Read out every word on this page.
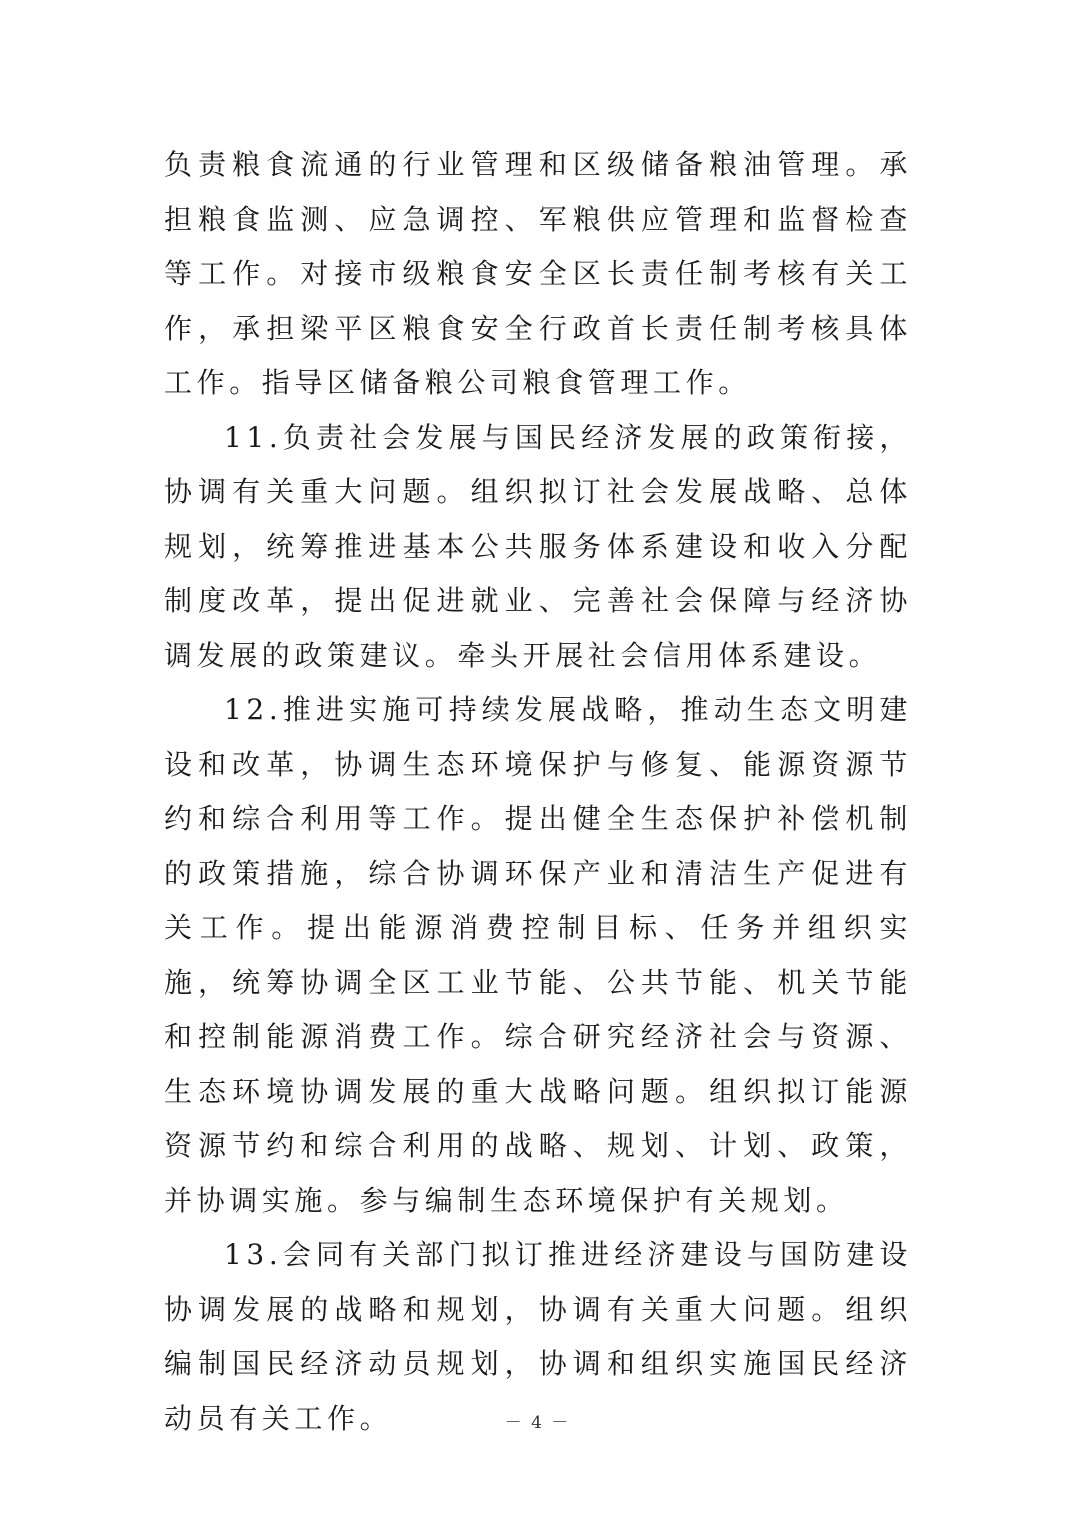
负责粮食流通的行业管理和区级储备粮油管理。承担粮食监测、应急调控、军粮供应管理和监督检查等工作。对接市级粮食安全区长责任制考核有关工作，承担梁平区粮食安全行政首长责任制考核具体工作。指导区储备粮公司粮食管理工作。

11.负责社会发展与国民经济发展的政策衔接，协调有关重大问题。组织拟订社会发展战略、总体规划，统筹推进基本公共服务体系建设和收入分配制度改革，提出促进就业、完善社会保障与经济协调发展的政策建议。牵头开展社会信用体系建设。

12.推进实施可持续发展战略，推动生态文明建设和改革，协调生态环境保护与修复、能源资源节约和综合利用等工作。提出健全生态保护补偿机制的政策措施，综合协调环保产业和清洁生产促进有关工作。提出能源消费控制目标、任务并组织实施，统筹协调全区工业节能、公共节能、机关节能和控制能源消费工作。综合研究经济社会与资源、生态环境协调发展的重大战略问题。组织拟订能源资源节约和综合利用的战略、规划、计划、政策，并协调实施。参与编制生态环境保护有关规划。

13.会同有关部门拟订推进经济建设与国防建设协调发展的战略和规划，协调有关重大问题。组织编制国民经济动员规划，协调和组织实施国民经济动员有关工作。	－ 4 －
